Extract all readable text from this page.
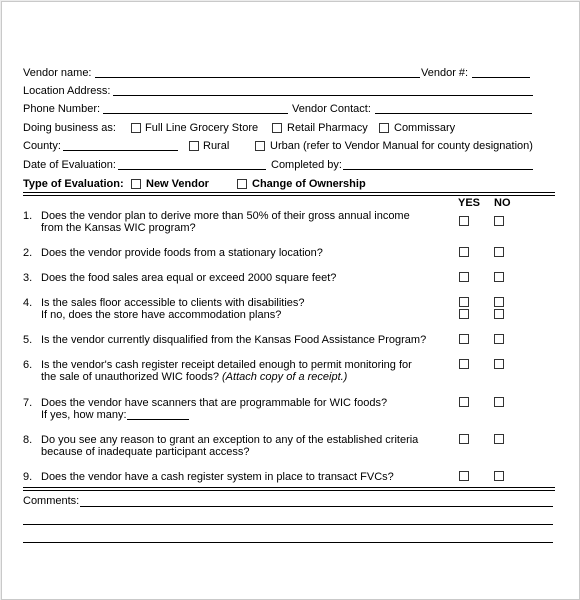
Vendor name:	Vendor #:
Location Address:
Phone Number:	Vendor Contact:
Doing business as:	Full Line Grocery Store	Retail Pharmacy Commissary
County:	Rural	Urban (refer to Vendor Manual for county designation)
Date of Evaluation:	Completed by:
Type of Evaluation: New Vendor	Change of Ownership
YES NO
1. Does the vendor plan to derive more than 50% of their gross annual income
from the Kansas WIC program?
2. Does the vendor provide foods from a stationary location?
3. Does the food sales area equal or exceed 2000 square feet?
4. Is the sales floor accessible to clients with disabilities?
If no, does the store have accommodation plans?
5. Is the vendor currently disqualified from the Kansas Food Assistance Program?
6. Is the vendor's cash register receipt detailed enough to permit monitoring for
the sale of unauthorized WIC foods? (Attach copy of a receipt.)
7. Does the vendor have scanners that are programmable for WIC foods?
If yes, how many:
8. Do you see any reason to grant an exception to any of the established criteria
because of inadequate participant access?
9. Does the vendor have a cash register system in place to transact FVCs?
Comments:
